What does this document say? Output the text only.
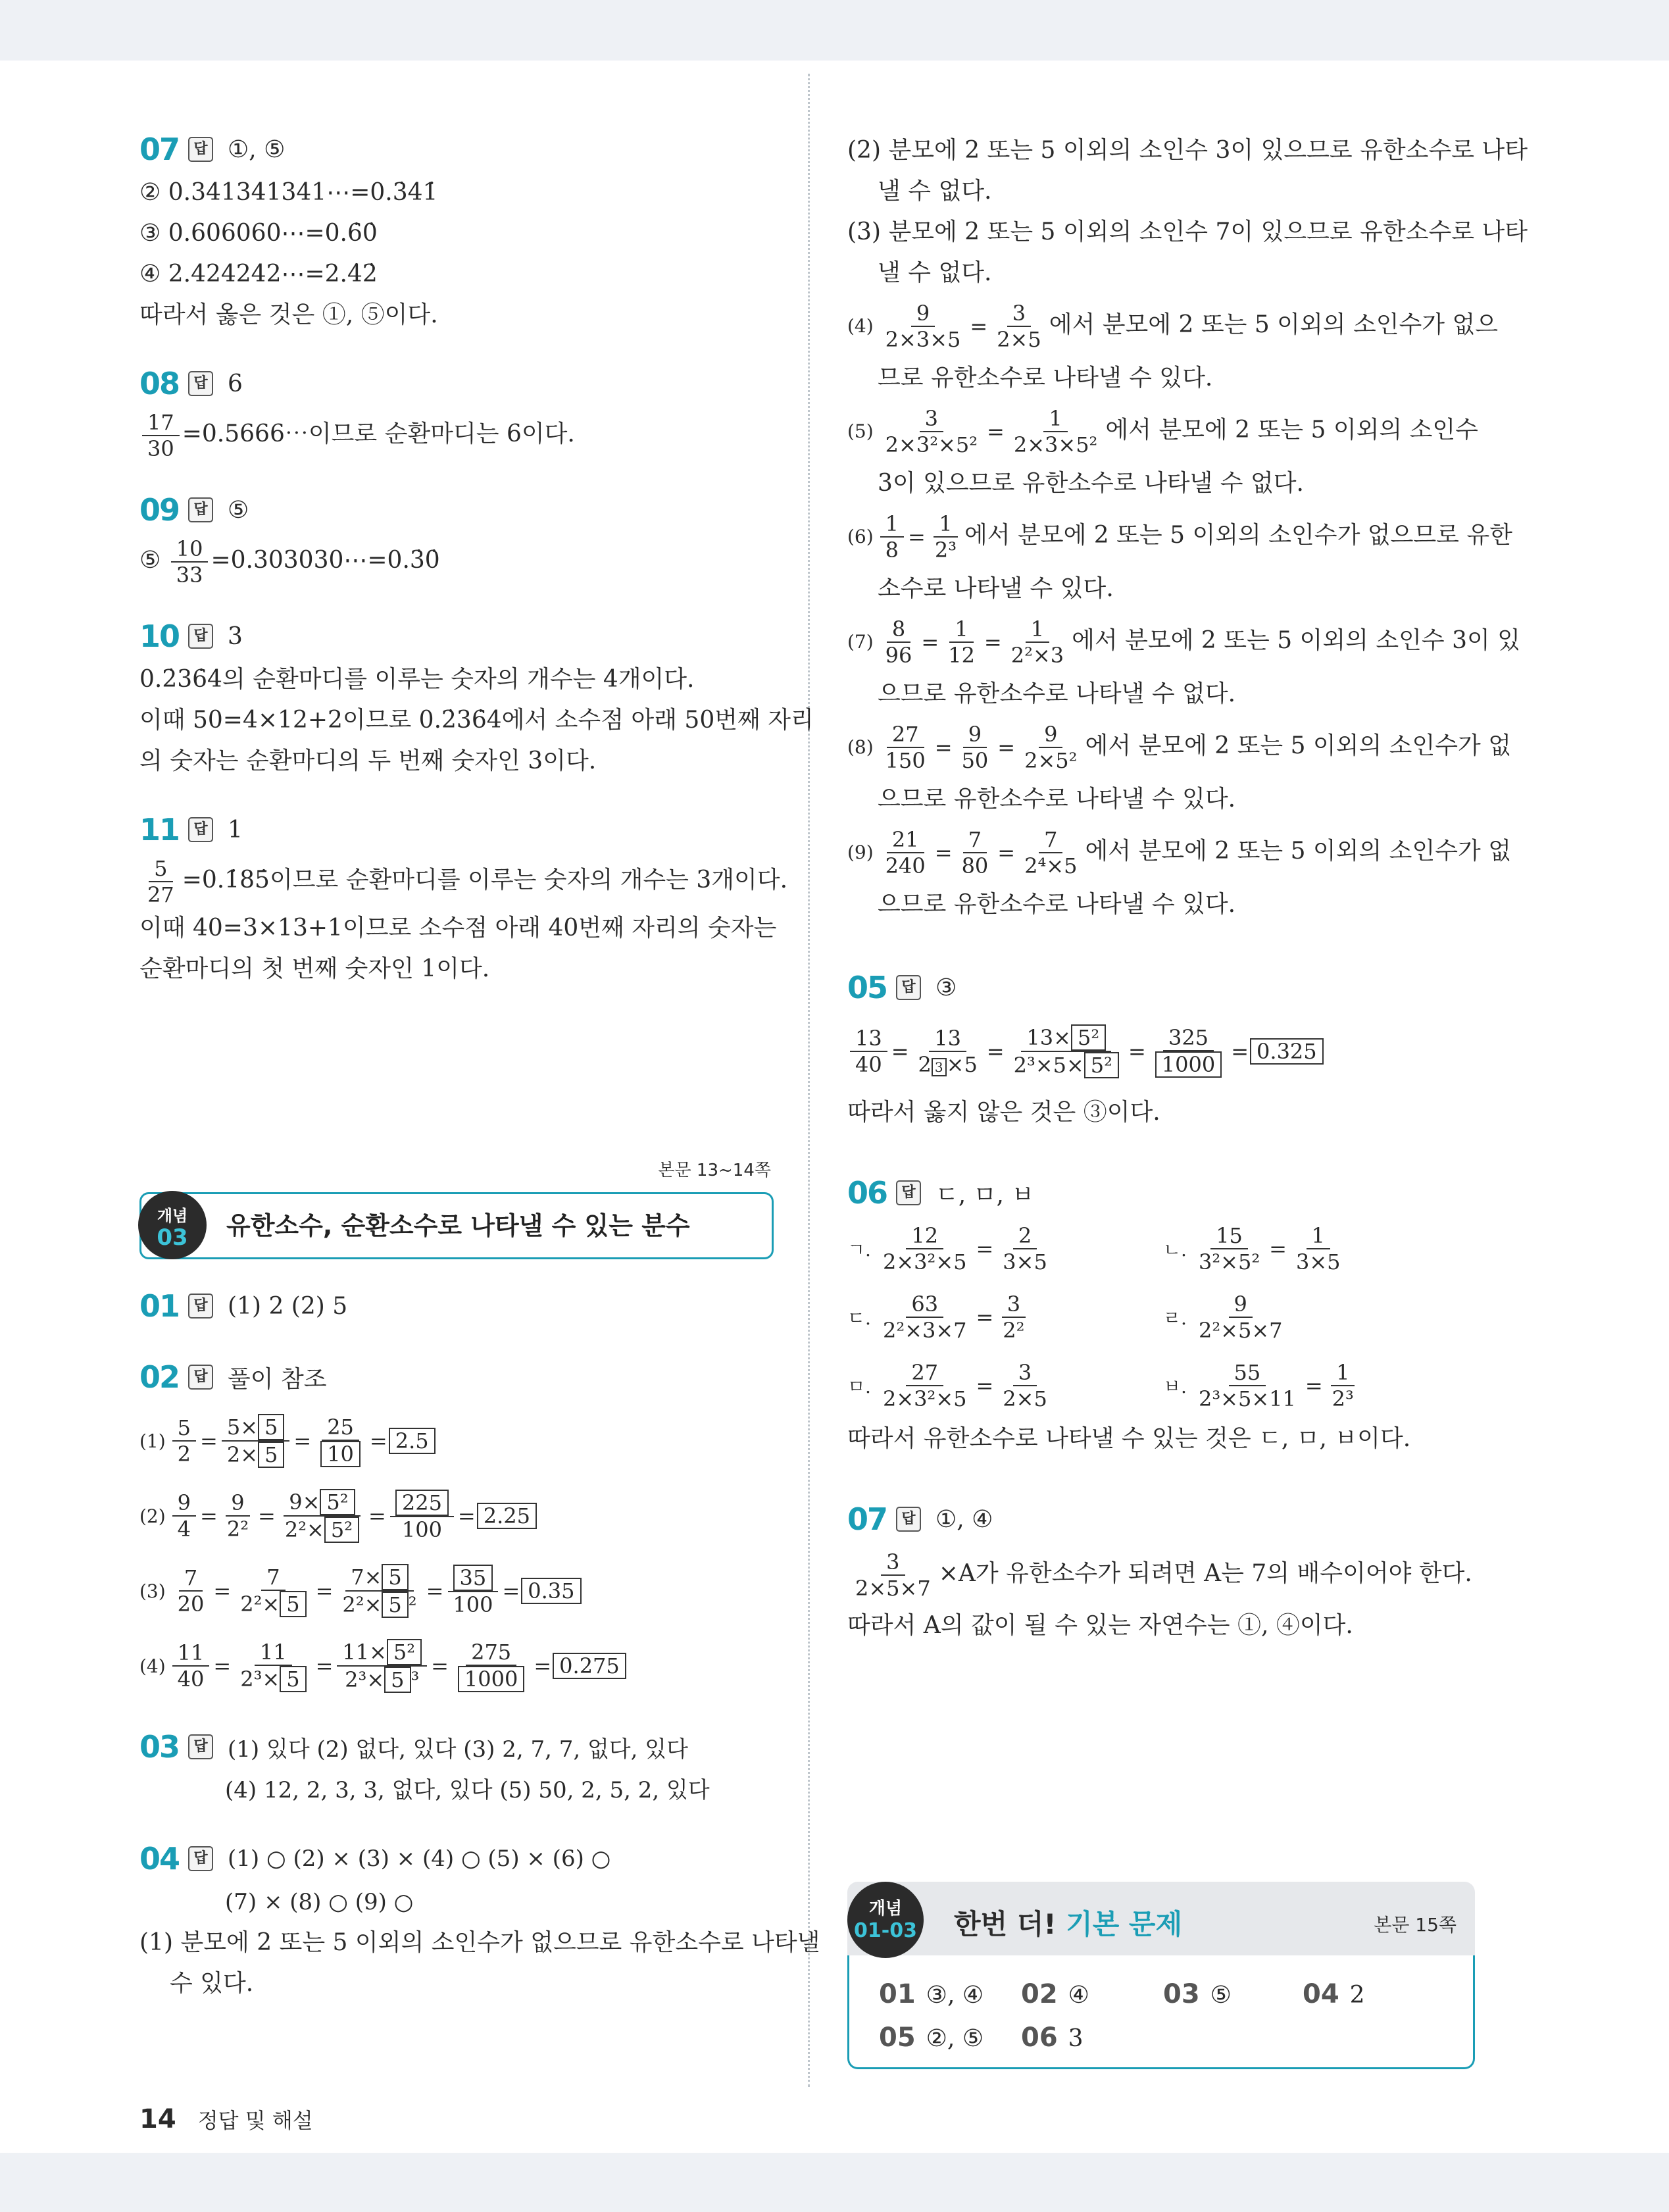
07	답 ①, ⑤
② 0.341341341⋯=0.3̇41̇
③ 0.606060⋯=0.6̇0̇
④ 2.424242⋯=2.4̇2̇
따라서 옳은 것은 ①, ⑤이다.
08	답 6
$\frac{17}{30}$ =0.5666⋯이므로 순환마디는 6이다.
09	답 ⑤
⑤ $\frac{10}{33}$ =0.303030⋯=0.3̇0̇
10	답 3
0.2̇36̇4의 순환마디를 이루는 숫자의 개수는 4개이다.
이때 50=4×12+2이므로 0.2̇36̇4에서 소수점 아래 50번째 자리
의 숫자는 순환마디의 두 번째 숫자인 3이다.
11	답 1
$\frac{5}{27}$ =0.1̇85̇이므로 순환마디를 이루는 숫자의 개수는 3개이다.
이때 40=3×13+1이므로 소수점 아래 40번째 자리의 숫자는
순환마디의 첫 번째 숫자인 1이다.
본문 13~14쪽
개념
03	유한소수, 순환소수로 나타낼 수 있는 분수
01	답 (1) 2 (2) 5
02	답 풀이 참조
$(1) \frac{5}{2} = \frac{5\times 5}{2\times 5} = \frac{25}{10} = 2.5$
$(2) \frac{9}{4} = \frac{9}{\text{2²}} = \frac{\text{9× 5²}}{\text{2²× 5²}} = \frac{225}{100} = 2.25$
$(3) \frac{7}{20} = \frac{7}{\text{2²× 5}} = \frac{7\times 5}{\text{2²× 5 ²}} = \frac{35}{100} = 0.35$
$(4) \frac{11}{40} = \frac{11}{\text{2³× 5}} = \frac{\text{11× 5²}}{\text{2³× 5 ³}} = \frac{275}{1000} = 0.275$
03	답 (1) 있다 (2) 없다, 있다 (3) 2, 7, 7, 없다, 있다
(4) 12, 2, 3, 3, 없다, 있다 (5) 50, 2, 5, 2, 있다
04	답 (1) ○ (2) × (3) × (4) ○ (5) × (6) ○
(7) × (8) ○ (9) ○
(1) 분모에 2 또는 5 이외의 소인수가 없으므로 유한소수로 나타낼
수 있다.
(2) 분모에 2 또는 5 이외의 소인수 3이 있으므로 유한소수로 나타
낼 수 없다.
(3) 분모에 2 또는 5 이외의 소인수 7이 있으므로 유한소수로 나타
낼 수 없다.
$(4) \frac{9}{2\times 3\times 5} = \frac{3}{2\times 5}$ 에서 분모에 2 또는 5 이외의 소인수가 없으
므로 유한소수로 나타낼 수 있다.
$(5) \frac{3}{\text{2×3²×5²}} = \frac{1}{\text{2×3×5²}}$ 에서 분모에 2 또는 5 이외의 소인수
3이 있으므로 유한소수로 나타낼 수 없다.
$(6) \frac{1}{8} = \frac{1}{\text{2³}}$ 에서 분모에 2 또는 5 이외의 소인수가 없으므로 유한
소수로 나타낼 수 있다.
$(7) \frac{8}{96} = \frac{1}{12} = \frac{1}{\text{2²×3}}$ 에서 분모에 2 또는 5 이외의 소인수 3이 있
으므로 유한소수로 나타낼 수 없다.
$(8) \frac{27}{150} = \frac{9}{50} = \frac{9}{\text{2×5²}}$ 에서 분모에 2 또는 5 이외의 소인수가 없
으므로 유한소수로 나타낼 수 있다.
$(9) \frac{21}{240} = \frac{7}{80} = \frac{7}{\text{2⁴×5}}$ 에서 분모에 2 또는 5 이외의 소인수가 없
으므로 유한소수로 나타낼 수 있다.
05	답 ③
$\frac{13}{40} = \frac{13}{2 3 \times 5} = \frac{\text{13× 5²}}{\text{2³×5× 5²}} = \frac{325}{1000} = 0.325$
따라서 옳지 않은 것은 ③이다.
06	답 ㄷ, ㅁ, ㅂ
ㄱ. $\frac{12}{\text{2×3²×5}} = \frac{2}{3\times 5}$	ㄴ. $\frac{15}{\text{3²×5²}} = \frac{1}{3\times 5}$
ㄷ. $\frac{63}{\text{2²×3×7}} = \frac{3}{\text{2²}}$	ㄹ. $\frac{9}{\text{2²×5×7}}$
ㅁ. $\frac{27}{\text{2×3²×5}} = \frac{3}{2\times 5}$	ㅂ. $\frac{55}{\text{2³×5×11}} = \frac{1}{\text{2³}}$
따라서 유한소수로 나타낼 수 있는 것은 ㄷ, ㅁ, ㅂ이다.
07	답 ①, ④
$\frac{3}{2\times 5\times 7} \times A$가 유한소수가 되려면 A는 7의 배수이어야 한다.
따라서 A의 값이 될 수 있는 자연수는 ①, ④이다.
개념
01-03 한번 더! 기본 문제	본문 15쪽
01 ③, ④ 02 ④	03 ⑤	04 2
05 ②, ⑤ 06 3
14 정답 및 해설
